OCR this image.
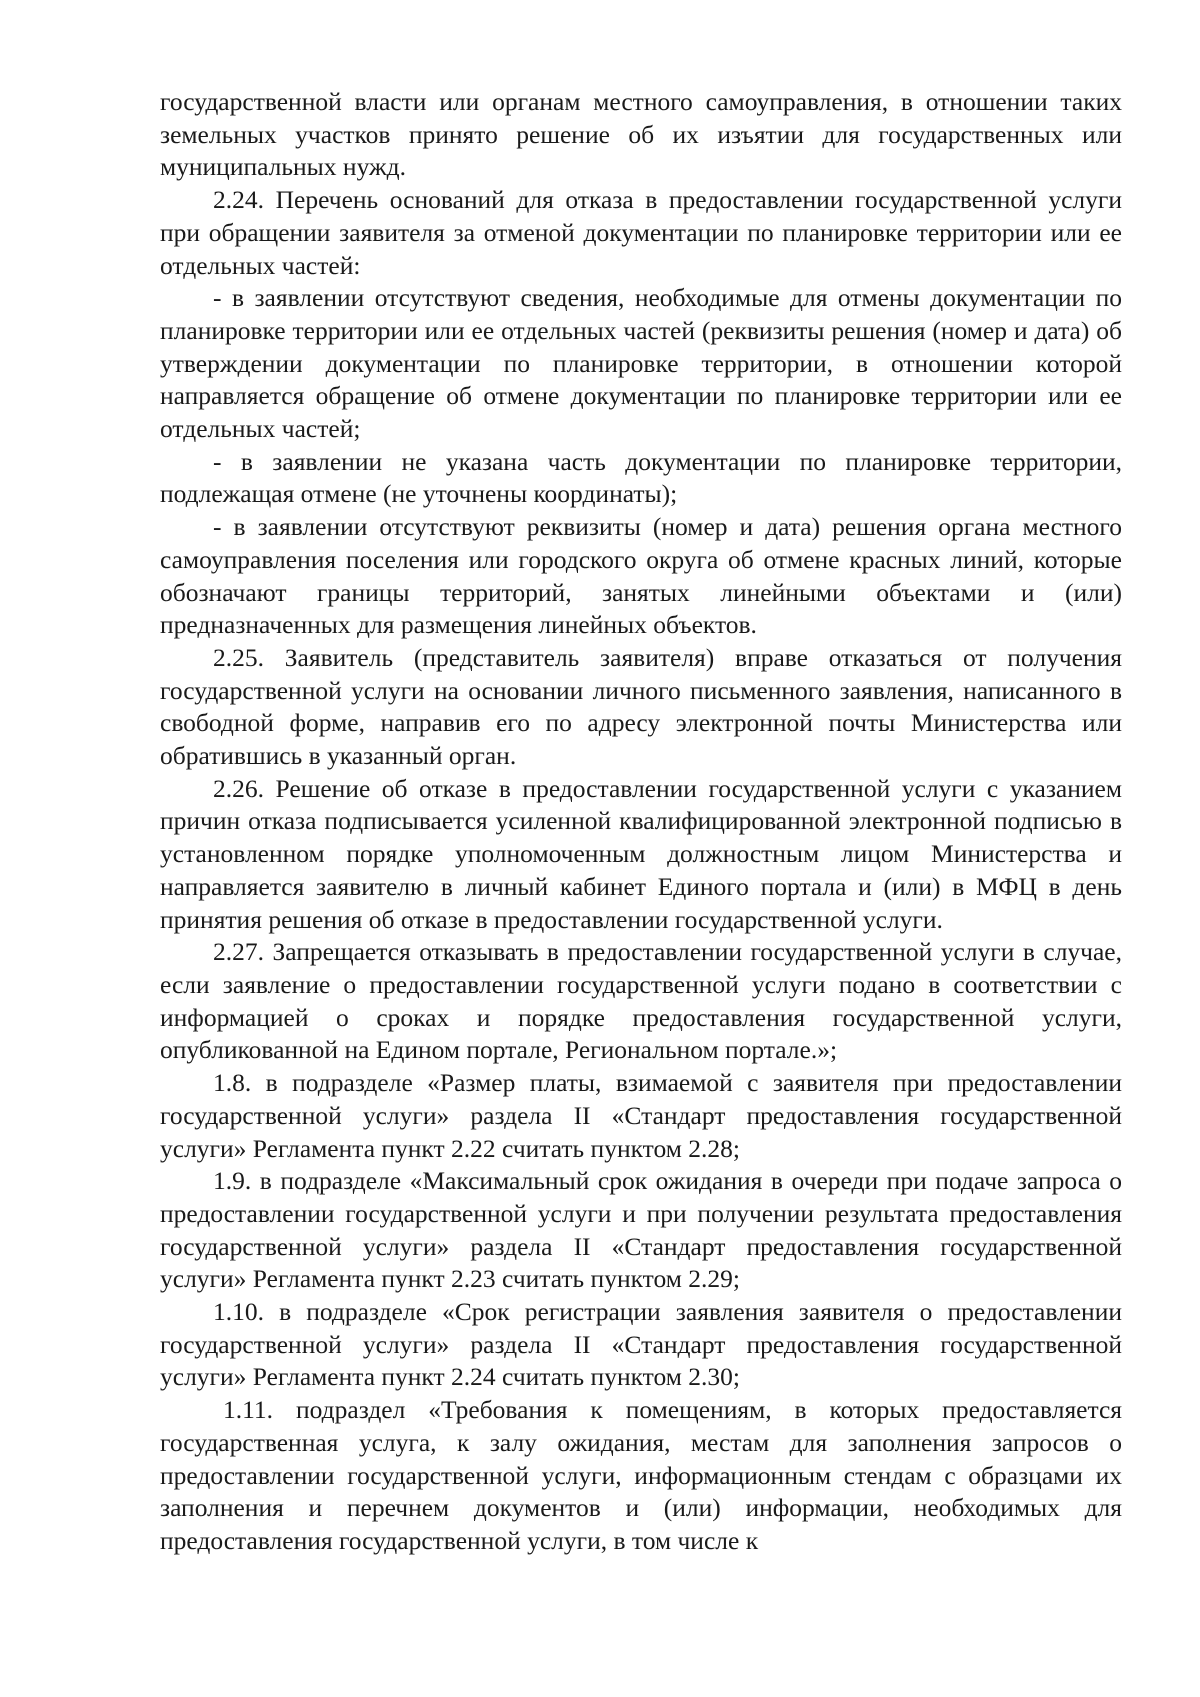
государственной власти или органам местного самоуправления, в отношении таких земельных участков принято решение об их изъятии для государственных или муниципальных нужд.

2.24. Перечень оснований для отказа в предоставлении государственной услуги при обращении заявителя за отменой документации по планировке территории или ее отдельных частей:

- в заявлении отсутствуют сведения, необходимые для отмены документации по планировке территории или ее отдельных частей (реквизиты решения (номер и дата) об утверждении документации по планировке территории, в отношении которой направляется обращение об отмене документации по планировке территории или ее отдельных частей;

- в заявлении не указана часть документации по планировке территории, подлежащая отмене (не уточнены координаты);

- в заявлении отсутствуют реквизиты (номер и дата) решения органа местного самоуправления поселения или городского округа об отмене красных линий, которые обозначают границы территорий, занятых линейными объектами и (или) предназначенных для размещения линейных объектов.

2.25. Заявитель (представитель заявителя) вправе отказаться от получения государственной услуги на основании личного письменного заявления, написанного в свободной форме, направив его по адресу электронной почты Министерства или обратившись в указанный орган.

2.26. Решение об отказе в предоставлении государственной услуги с указанием причин отказа подписывается усиленной квалифицированной электронной подписью в установленном порядке уполномоченным должностным лицом Министерства и направляется заявителю в личный кабинет Единого портала и (или) в МФЦ в день принятия решения об отказе в предоставлении государственной услуги.

2.27. Запрещается отказывать в предоставлении государственной услуги в случае, если заявление о предоставлении государственной услуги подано в соответствии с информацией о сроках и порядке предоставления государственной услуги, опубликованной на Едином портале, Региональном портале.»;

1.8. в подразделе «Размер платы, взимаемой с заявителя при предоставлении государственной услуги» раздела II «Стандарт предоставления государственной услуги» Регламента пункт 2.22 считать пунктом 2.28;

1.9. в подразделе «Максимальный срок ожидания в очереди при подаче запроса о предоставлении государственной услуги и при получении результата предоставления государственной услуги» раздела II «Стандарт предоставления государственной услуги» Регламента пункт 2.23 считать пунктом 2.29;

1.10. в подразделе «Срок регистрации заявления заявителя о предоставлении государственной услуги» раздела II «Стандарт предоставления государственной услуги» Регламента пункт 2.24 считать пунктом 2.30;

1.11. подраздел «Требования к помещениям, в которых предоставляется государственная услуга, к залу ожидания, местам для заполнения запросов о предоставлении государственной услуги, информационным стендам с образцами их заполнения и перечнем документов и (или) информации, необходимых для предоставления государственной услуги, в том числе к
